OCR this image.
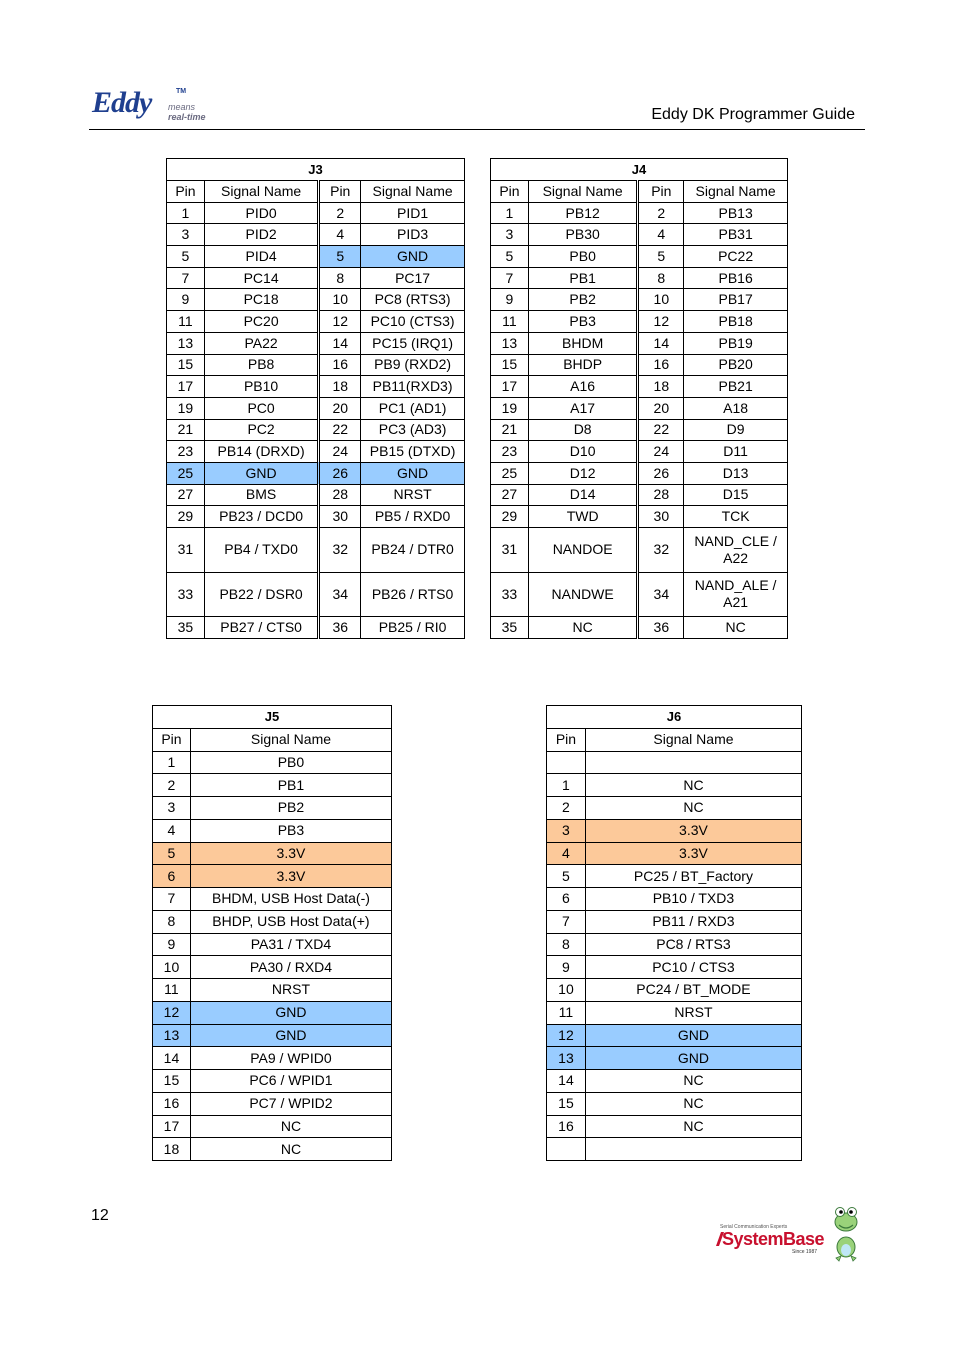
Eddy	TM
means
real-time	Eddy DK Programmer Guide
J3			
Pin	Signal Name	Pin	Signal Name
1	PID0	2	PID1
3	PID2	4	PID3
5	PID4	5	GND
7	PC14	8	PC17
9	PC18	10	PC8 (RTS3)
11	PC20	12	PC10 (CTS3)
13	PA22	14	PC15 (IRQ1)
15	PB8	16	PB9 (RXD2)
17	PB10	18	PB11(RXD3)
19	PC0	20	PC1 (AD1)
21	PC2	22	PC3 (AD3)
23	PB14 (DRXD)	24	PB15 (DTXD)
25	GND	26	GND
27	BMS	28	NRST
29	PB23 / DCD0	30	PB5 / RXD0
31	PB4 / TXD0	32	PB24 / DTR0
33	PB22 / DSR0	34	PB26 / RTS0
35	PB27 / CTS0	36	PB25 / RI0
J4			
Pin	Signal Name	Pin	Signal Name
1	PB12	2	PB13
3	PB30	4	PB31
5	PB0	5	PC22
7	PB1	8	PB16
9	PB2	10	PB17
11	PB3	12	PB18
13	BHDM	14	PB19
15	BHDP	16	PB20
17	A16	18	PB21
19	A17	20	A18
21	D8	22	D9
23	D10	24	D11
25	D12	26	D13
27	D14	28	D15
29	TWD	30	TCK
31	NANDOE	32	NAND_CLE /
A22
33	NANDWE	34	NAND_ALE /
A21
35	NC	36	NC
J5	
Pin	Signal Name
1	PB0
2	PB1
3	PB2
4	PB3
5	3.3V
6	3.3V
7	BHDM, USB Host Data(-)
8	BHDP, USB Host Data(+)
9	PA31 / TXD4
10	PA30 / RXD4
11	NRST
12	GND
13	GND
14	PA9 / WPID0
15	PC6 / WPID1
16	PC7 / WPID2
17	NC
18	NC
J6	
Pin	Signal Name

1	NC
2	NC
3	3.3V
4	3.3V
5	PC25 / BT_Factory
6	PB10 / TXD3
7	PB11 / RXD3
8	PC8 / RTS3
9	PC10 / CTS3
10	PC24 / BT_MODE
11	NRST
12	GND
13	GND
14	NC
15	NC
16	NC

12
Serial Communication Experts
SystemBase
Since 1987
